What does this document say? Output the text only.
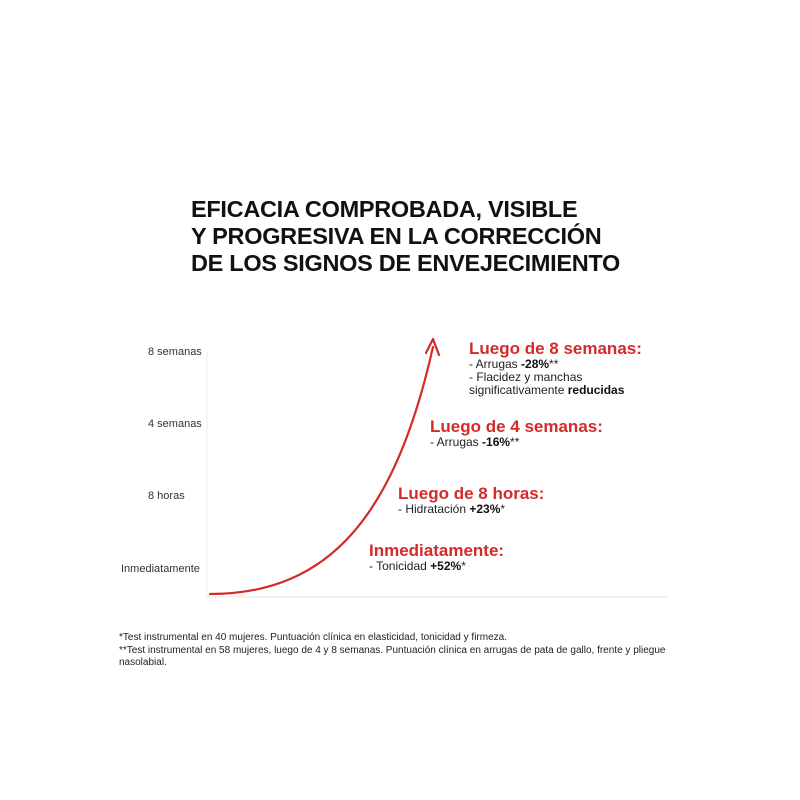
EFICACIA COMPROBADA, VISIBLE
Y PROGRESIVA EN LA CORRECCIÓN
DE LOS SIGNOS DE ENVEJECIMIENTO
8 semanas
4 semanas
8 horas
Inmediatamente
Luego de 8 semanas:
- Arrugas -28%**
- Flacidez y manchas
significativamente reducidas
Luego de 4 semanas:
- Arrugas -16%**
Luego de 8 horas:
- Hidratación +23%*
Inmediatamente:
- Tonicidad +52%*
*Test instrumental en 40 mujeres. Puntuación clínica en elasticidad, tonicidad y firmeza.
**Test instrumental en 58 mujeres, luego de 4 y 8 semanas. Puntuación clínica en arrugas de pata de gallo, frente y pliegue nasolabial.
